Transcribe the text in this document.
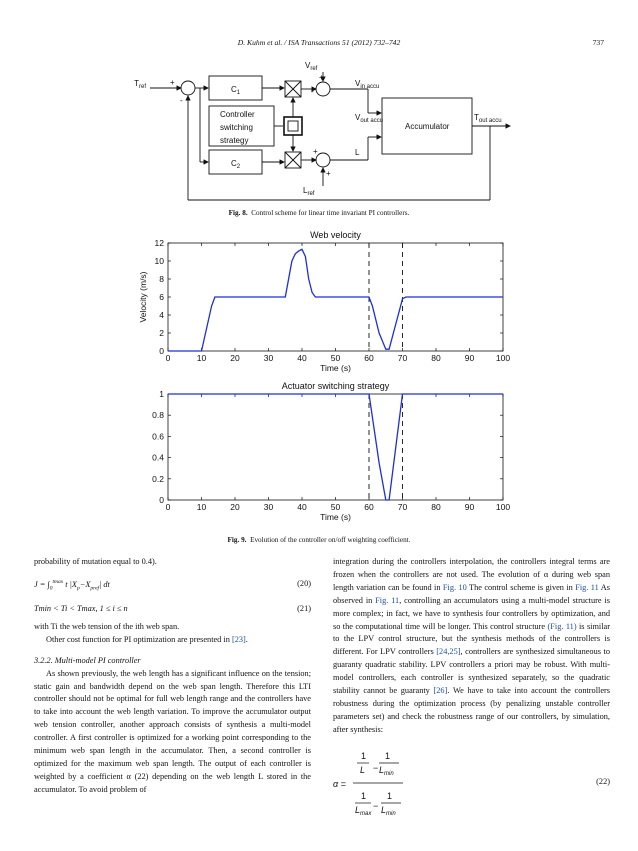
D. Kuhm et al. / ISA Transactions 51 (2012) 732–742	737
$T_{ref}$	+
-
$C_1$
$C_2$
Controller
switching
strategy
$V_{ref}$
+
-
$V_{in accu}$
$V_{out accu}$
Accumulator
$T_{out accu}$
L
+
+
$L_{ref}$
Fig. 8. Control scheme for linear time invariant PI controllers.
0	10	20	30	40	50	60	70	80	90	100
0
2
4
6
8
10
12
Web velocity
Time (s)
Velocity (m/s)
0	10	20	30	40	50	60	70	80	90	100
0
0.2
0.4
0.6
0.8
1
Actuator switching strategy
Time (s)
Fig. 9. Evolution of the controller on/off weighting coefficient.

probability of mutation equal to 0.4).

$J = \int_0^{tmax}$ t $|X_p-X_{pref}|$ dt	(20)
Tmin < Ti < Tmax, 1 ≤ i ≤ n	(21)

with Ti the web tension of the ith web span.

Other cost function for PI optimization are presented in [23].

3.2.2. Multi-model PI controller

As shown previously, the web length has a significant influence on the tension; static gain and bandwidth depend on the web span length. Therefore this LTI controller should not be optimal for full web length range and the controllers have to take into account the web length variation. To improve the accumulator output web tension controller, another approach consists of synthesis a multi-model controller. A first controller is optimized for a working point corresponding to the minimum web span length in the accumulator. Then, a second controller is optimized for the maximum web span length. The output of each controller is weighted by a coefficient α (22) depending on the web length L stored in the accumulator. To avoid problem of

integration during the controllers interpolation, the controllers integral terms are frozen when the controllers are not used. The evolution of α during web span length variation can be found in Fig. 10 The control scheme is given in Fig. 11 As observed in Fig. 11, controlling an accumulators using a multi-model structure is more complex; in fact, we have to synthesis four controllers by optimization, and so the computational time will be longer. This control structure (Fig. 11) is similar to the LPV control structure, but the synthesis methods of the controllers is different. For LPV controllers [24,25], controllers are synthesized simultaneous to guaranty quadratic stability. LPV controllers a priori may be robust. With multi-model controllers, each controller is synthesized separately, so the quadratic stability cannot be guaranty [26]. We have to take into account the controllers robustness during the optimization process (by penalizing unstable controller parameters set) and check the robustness range of our controllers, by simulation, after synthesis:

α =
1
L −
1
$L_{min}$
1
$L_{max}$
−
1
$L_{min}$
(22)
